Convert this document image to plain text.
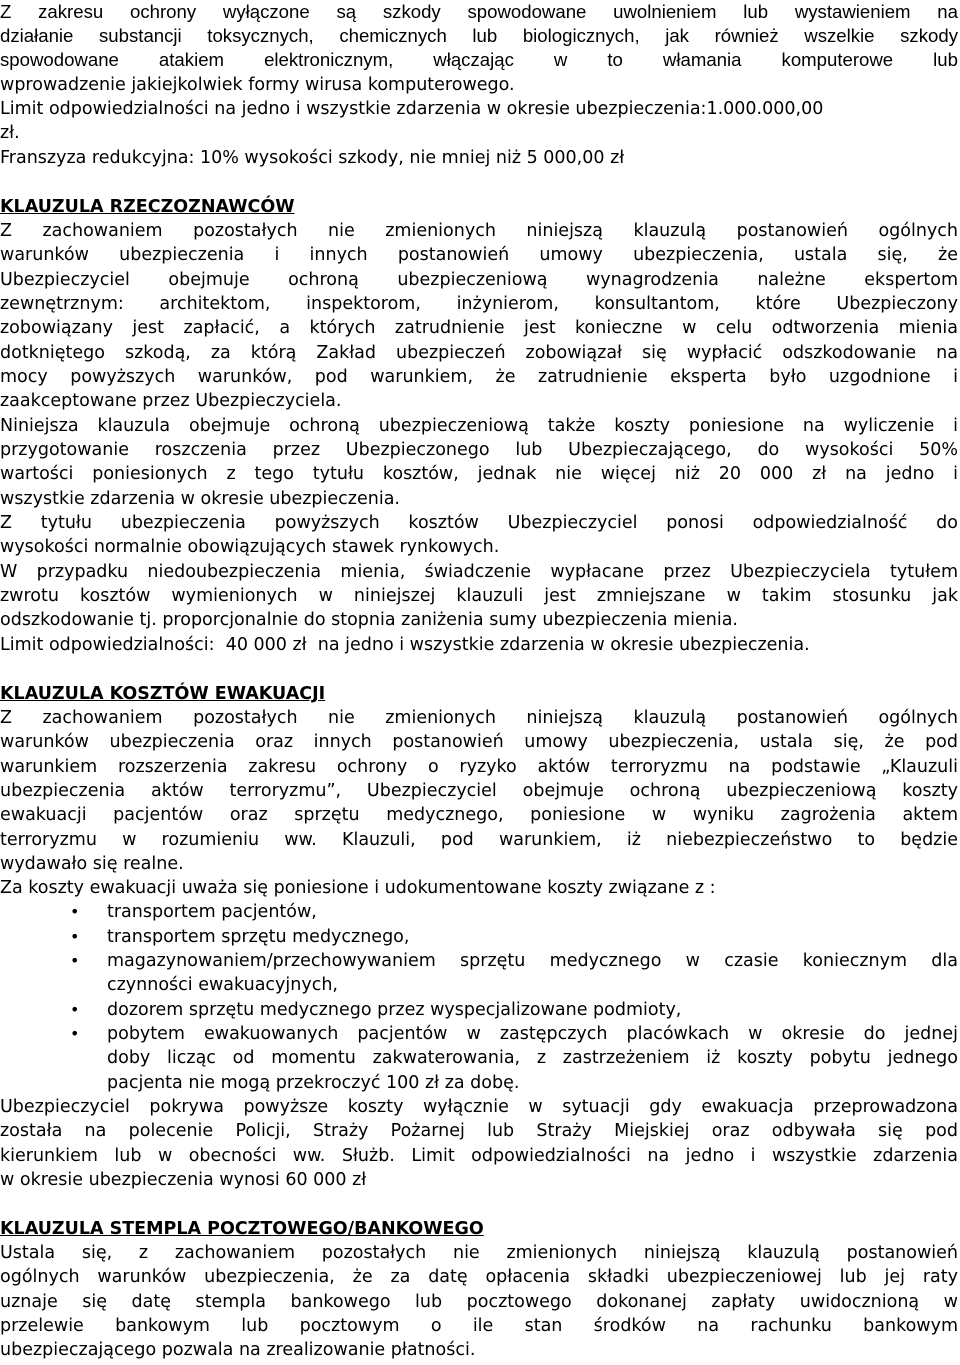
Z zakresu ochrony wyłączone są szkody spowodowane uwolnieniem lub wystawieniem na
działanie substancji toksycznych, chemicznych lub biologicznych, jak również wszelkie szkody
spowodowane atakiem elektronicznym, włączając w to włamania komputerowe lub
wprowadzenie jakiejkolwiek formy wirusa komputerowego.
Limit odpowiedzialności na jedno i wszystkie zdarzenia w okresie ubezpieczenia:1.000.000,00
zł.
Franszyza redukcyjna: 10% wysokości szkody, nie mniej niż 5 000,00 zł
KLAUZULA RZECZOZNAWCÓW
Z zachowaniem pozostałych nie zmienionych niniejszą klauzulą postanowień ogólnych
warunków ubezpieczenia i innych postanowień umowy ubezpieczenia, ustala się, że
Ubezpieczyciel obejmuje ochroną ubezpieczeniową wynagrodzenia należne ekspertom
zewnętrznym: architektom, inspektorom, inżynierom, konsultantom, które Ubezpieczony
zobowiązany jest zapłacić, a których zatrudnienie jest konieczne w celu odtworzenia mienia
dotkniętego szkodą, za którą Zakład ubezpieczeń zobowiązał się wypłacić odszkodowanie na
mocy powyższych warunków, pod warunkiem, że zatrudnienie eksperta było uzgodnione i
zaakceptowane przez Ubezpieczyciela.
Niniejsza klauzula obejmuje ochroną ubezpieczeniową także koszty poniesione na wyliczenie i
przygotowanie roszczenia przez Ubezpieczonego lub Ubezpieczającego, do wysokości 50%
wartości poniesionych z tego tytułu kosztów, jednak nie więcej niż 20 000 zł na jedno i
wszystkie zdarzenia w okresie ubezpieczenia.
Z tytułu ubezpieczenia powyższych kosztów Ubezpieczyciel ponosi odpowiedzialność do
wysokości normalnie obowiązujących stawek rynkowych.
W przypadku niedoubezpieczenia mienia, świadczenie wypłacane przez Ubezpieczyciela tytułem
zwrotu kosztów wymienionych w niniejszej klauzuli jest zmniejszane w takim stosunku jak
odszkodowanie tj. proporcjonalnie do stopnia zaniżenia sumy ubezpieczenia mienia.
Limit odpowiedzialności:  40 000 zł  na jedno i wszystkie zdarzenia w okresie ubezpieczenia.
KLAUZULA KOSZTÓW EWAKUACJI
Z zachowaniem pozostałych nie zmienionych niniejszą klauzulą postanowień ogólnych
warunków ubezpieczenia oraz innych postanowień umowy ubezpieczenia, ustala się, że pod
warunkiem rozszerzenia zakresu ochrony o ryzyko aktów terroryzmu na podstawie „Klauzuli
ubezpieczenia aktów terroryzmu”, Ubezpieczyciel obejmuje ochroną ubezpieczeniową koszty
ewakuacji pacjentów oraz sprzętu medycznego, poniesione w wyniku zagrożenia aktem
terroryzmu w rozumieniu ww. Klauzuli, pod warunkiem, iż niebezpieczeństwo to będzie
wydawało się realne.
Za koszty ewakuacji uważa się poniesione i udokumentowane koszty związane z :
• transportem pacjentów,
• transportem sprzętu medycznego,
• magazynowaniem/przechowywaniem sprzętu medycznego w czasie koniecznym dla
czynności ewakuacyjnych,
• dozorem sprzętu medycznego przez wyspecjalizowane podmioty,
• pobytem ewakuowanych pacjentów w zastępczych placówkach w okresie do jednej
doby licząc od momentu zakwaterowania, z zastrzeżeniem iż koszty pobytu jednego
pacjenta nie mogą przekroczyć 100 zł za dobę.
Ubezpieczyciel pokrywa powyższe koszty wyłącznie w sytuacji gdy ewakuacja przeprowadzona
została na polecenie Policji, Straży Pożarnej lub Straży Miejskiej oraz odbywała się pod
kierunkiem lub w obecności ww. Służb. Limit odpowiedzialności na jedno i wszystkie zdarzenia
w okresie ubezpieczenia wynosi 60 000 zł
KLAUZULA STEMPLA POCZTOWEGO/BANKOWEGO
Ustala się, z zachowaniem pozostałych nie zmienionych niniejszą klauzulą postanowień
ogólnych warunków ubezpieczenia, że za datę opłacenia składki ubezpieczeniowej lub jej raty
uznaje się datę stempla bankowego lub pocztowego dokonanej zapłaty uwidocznioną w
przelewie bankowym lub pocztowym o ile stan środków na rachunku bankowym
ubezpieczającego pozwala na zrealizowanie płatności.
